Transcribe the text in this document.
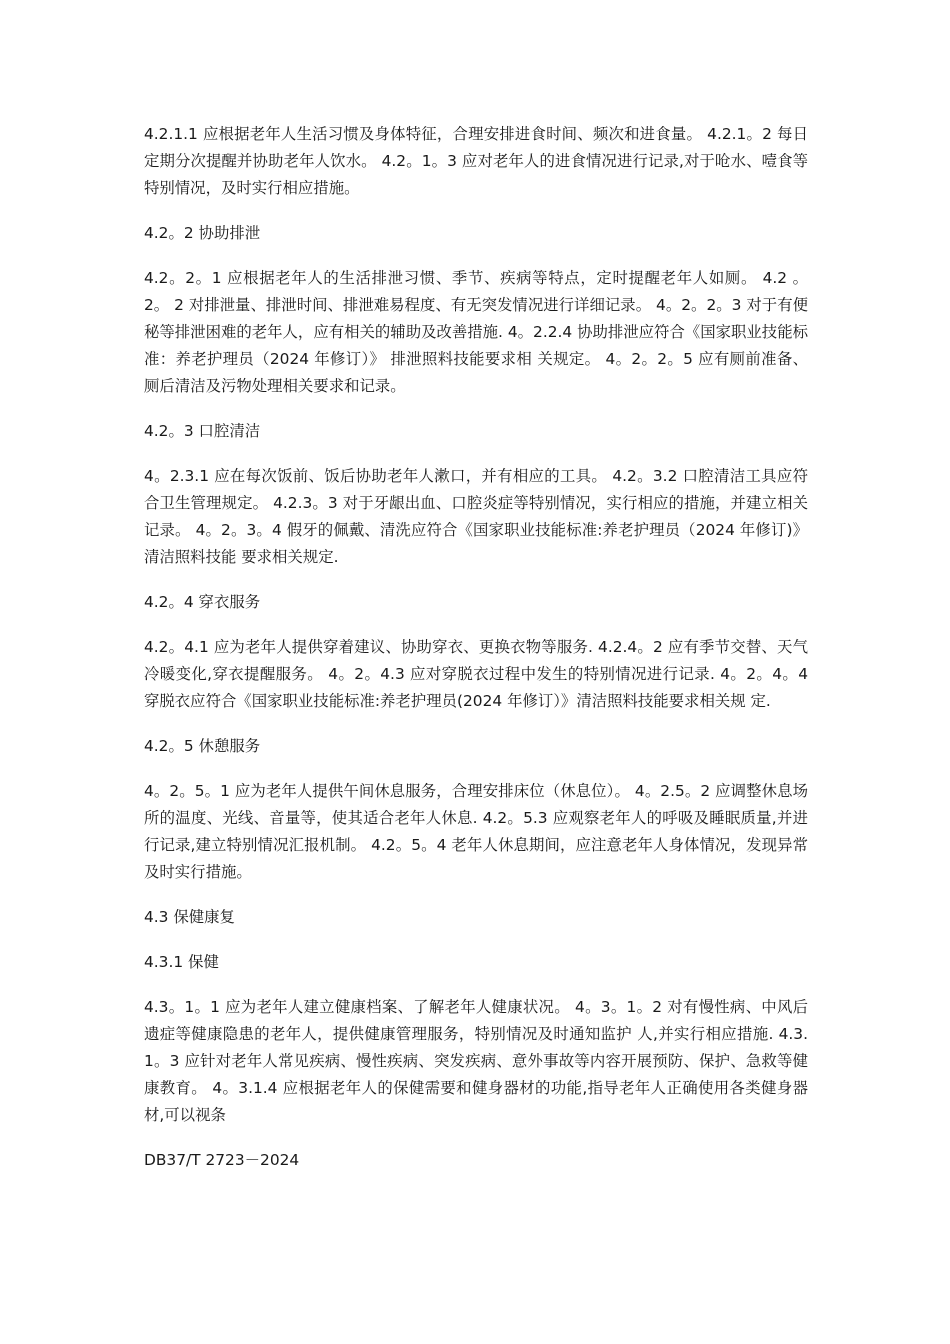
4.2.1.1 应根据老年人生活习惯及身体特征，合理安排进食时间、频次和进食量。 4.2.1。2 每日定期分次提醒并协助老年人饮水。 4.2。1。3 应对老年人的进食情况进行记录,对于呛水、噎食等特别情况，及时实行相应措施。

4.2。2 协助排泄

4.2。2。1 应根据老年人的生活排泄习惯、季节、疾病等特点，定时提醒老年人如厕。 4.2 。 2。 2 对排泄量、排泄时间、排泄难易程度、有无突发情况进行详细记录。 4。2。2。3 对于有便秘等排泄困难的老年人，应有相关的辅助及改善措施. 4。2.2.4 协助排泄应符合《国家职业技能标准：养老护理员（2024 年修订）》 排泄照料技能要求相 关规定。 4。2。2。5 应有厕前准备、厕后清洁及污物处理相关要求和记录。

4.2。3 口腔清洁

4。2.3.1 应在每次饭前、饭后协助老年人漱口，并有相应的工具。 4.2。3.2 口腔清洁工具应符合卫生管理规定。 4.2.3。3 对于牙龈出血、口腔炎症等特别情况，实行相应的措施，并建立相关记录。 4。2。3。4 假牙的佩戴、清洗应符合《国家职业技能标准:养老护理员（2024 年修订)》清洁照料技能 要求相关规定.

4.2。4 穿衣服务

4.2。4.1 应为老年人提供穿着建议、协助穿衣、更换衣物等服务. 4.2.4。2 应有季节交替、天气冷暖变化,穿衣提醒服务。 4。2。4.3 应对穿脱衣过程中发生的特别情况进行记录. 4。2。4。4 穿脱衣应符合《国家职业技能标准:养老护理员(2024 年修订）》清洁照料技能要求相关规 定.

4.2。5 休憩服务

4。2。5。1 应为老年人提供午间休息服务，合理安排床位（休息位）。 4。2.5。2 应调整休息场所的温度、光线、音量等，使其适合老年人休息. 4.2。5.3 应观察老年人的呼吸及睡眠质量,并进行记录,建立特别情况汇报机制。 4.2。5。4 老年人休息期间，应注意老年人身体情况，发现异常及时实行措施。

4.3 保健康复

4.3.1 保健

4.3。1。1 应为老年人建立健康档案、了解老年人健康状况。 4。3。1。2 对有慢性病、中风后遗症等健康隐患的老年人，提供健康管理服务，特别情况及时通知监护 人,并实行相应措施. 4.3.1。3 应针对老年人常见疾病、慢性疾病、突发疾病、意外事故等内容开展预防、保护、急救等健 康教育。 4。3.1.4 应根据老年人的保健需要和健身器材的功能,指导老年人正确使用各类健身器材,可以视条

DB37/T 2723－2024
